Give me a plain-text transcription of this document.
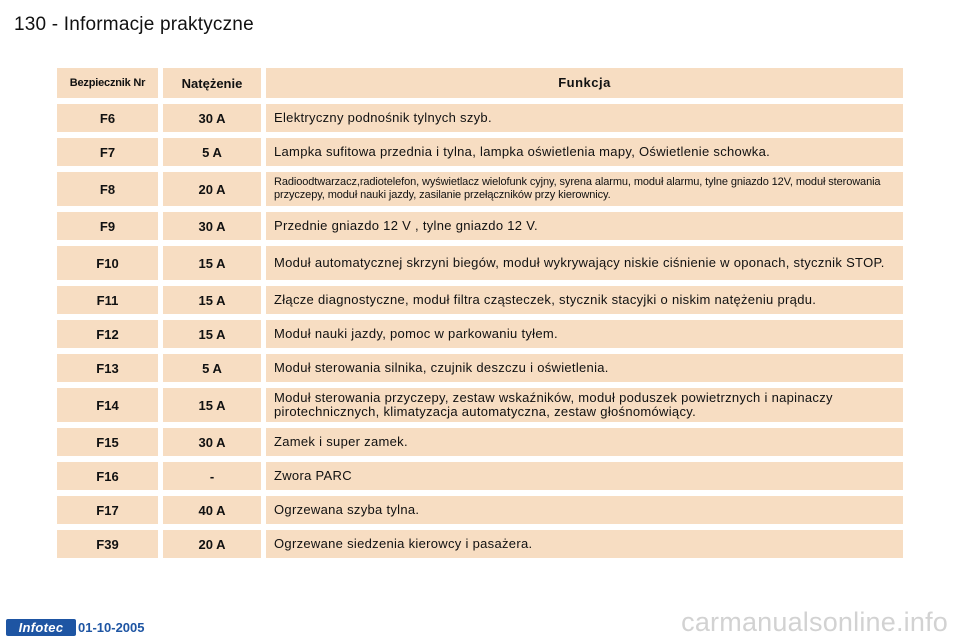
130 - Informacje praktyczne
Bezpiecznik Nr	Natężenie	Funkcja
F6	30 A	Elektryczny podnośnik tylnych szyb.
F7	5 A	Lampka sufitowa przednia i tylna, lampka oświetlenia mapy, Oświetlenie schowka.
F8	20 A	Radioodtwarzacz,radiotelefon, wyświetlacz wielofunk cyjny, syrena alarmu, moduł alarmu, tylne gniazdo 12V, moduł sterowania przyczepy, moduł nauki jazdy, zasilanie przełączników przy kierownicy.
F9	30 A	Przednie gniazdo 12 V , tylne gniazdo 12 V.
F10	15 A	Moduł automatycznej skrzyni biegów, moduł wykrywający niskie ciśnienie w oponach, stycznik STOP.
F11	15 A	Złącze diagnostyczne, moduł filtra cząsteczek, stycznik stacyjki o niskim natężeniu prądu.
F12	15 A	Moduł nauki jazdy, pomoc w parkowaniu tyłem.
F13	5 A	Moduł sterowania silnika, czujnik deszczu i oświetlenia.
F14	15 A	Moduł sterowania przyczepy, zestaw wskaźników, moduł poduszek powietrznych i napinaczy pirotechnicznych, klimatyzacja automatyczna, zestaw głośnomówiący.
F15	30 A	Zamek i super zamek.
F16	-	Zwora PARC
F17	40 A	Ogrzewana szyba tylna.
F39	20 A	Ogrzewane siedzenia kierowcy i pasażera.
Infotec 01-10-2005	carmanualsonline.info
